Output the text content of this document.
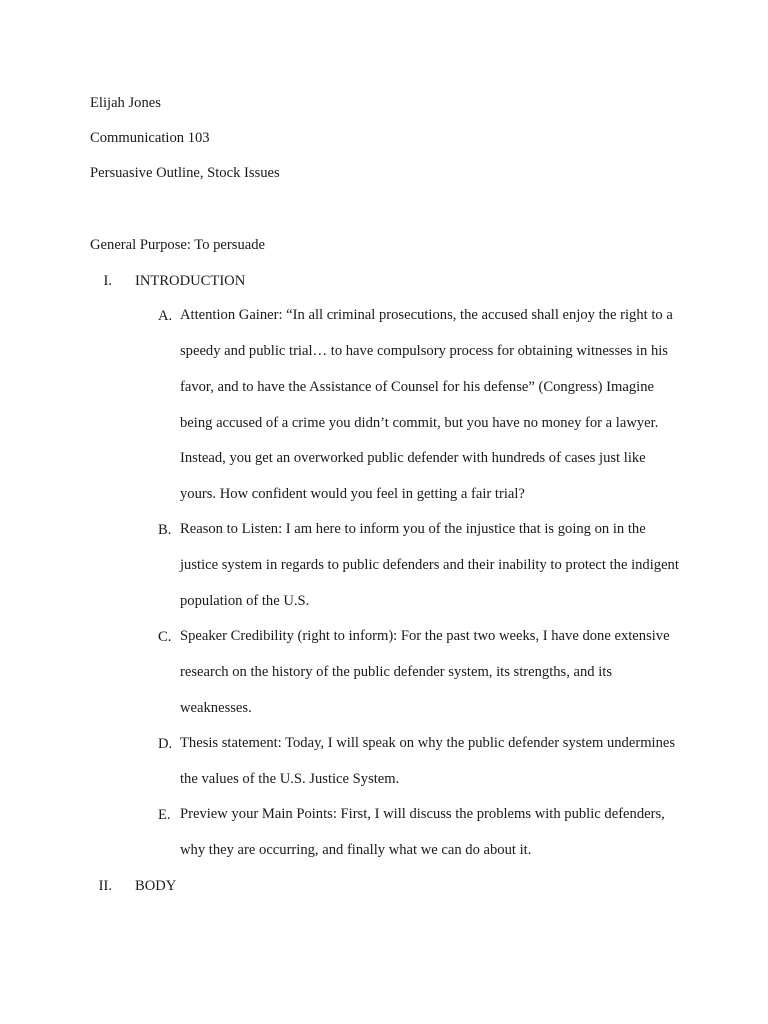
Elijah Jones
Communication 103
Persuasive Outline, Stock Issues
General Purpose: To persuade
I. INTRODUCTION
A. Attention Gainer: “In all criminal prosecutions, the accused shall enjoy the right to a speedy and public trial… to have compulsory process for obtaining witnesses in his favor, and to have the Assistance of Counsel for his defense” (Congress) Imagine being accused of a crime you didn’t commit, but you have no money for a lawyer. Instead, you get an overworked public defender with hundreds of cases just like yours. How confident would you feel in getting a fair trial?
B. Reason to Listen: I am here to inform you of the injustice that is going on in the justice system in regards to public defenders and their inability to protect the indigent population of the U.S.
C. Speaker Credibility (right to inform): For the past two weeks, I have done extensive research on the history of the public defender system, its strengths, and its weaknesses.
D. Thesis statement: Today, I will speak on why the public defender system undermines the values of the U.S. Justice System.
E. Preview your Main Points: First, I will discuss the problems with public defenders, why they are occurring, and finally what we can do about it.
II. BODY
